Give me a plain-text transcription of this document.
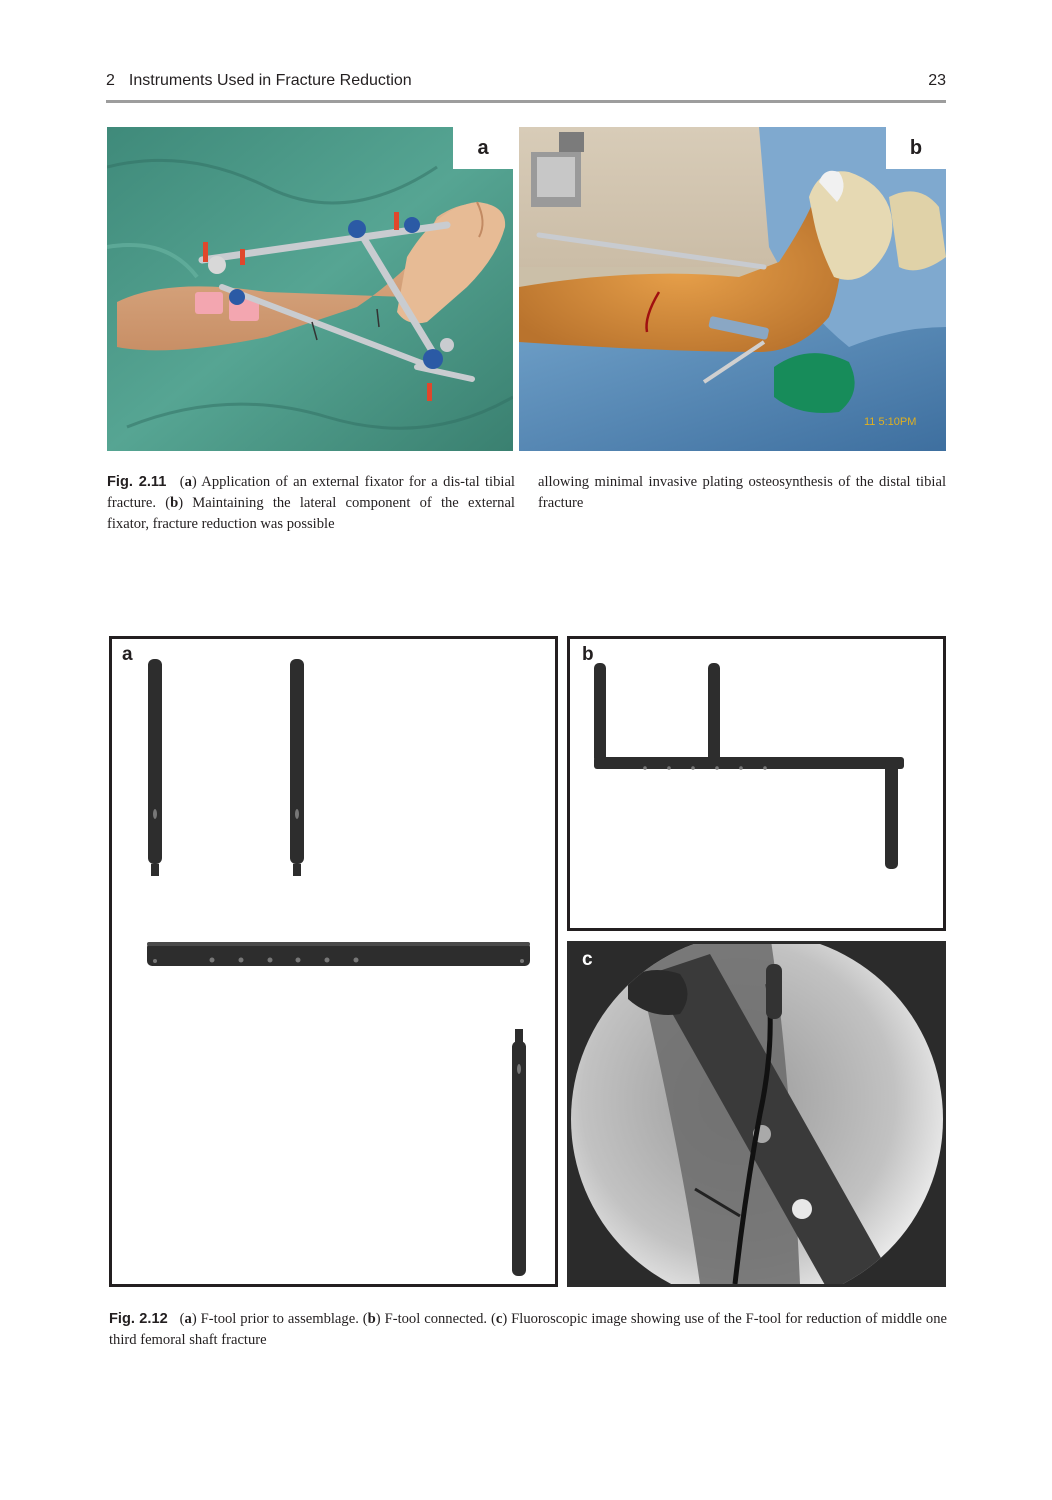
2 Instruments Used in Fracture Reduction	23
a
11 5:10PM
b
Fig. 2.11 (a) Application of an external fixator for a dis-tal tibial fracture. (b) Maintaining the lateral component of the external fixator, fracture reduction was possible
allowing minimal invasive plating osteosynthesis of the distal tibial fracture
a	b
c
Fig. 2.12 (a) F-tool prior to assemblage. (b) F-tool connected. (c) Fluoroscopic image showing use of the F-tool for reduction of middle one third femoral shaft fracture
